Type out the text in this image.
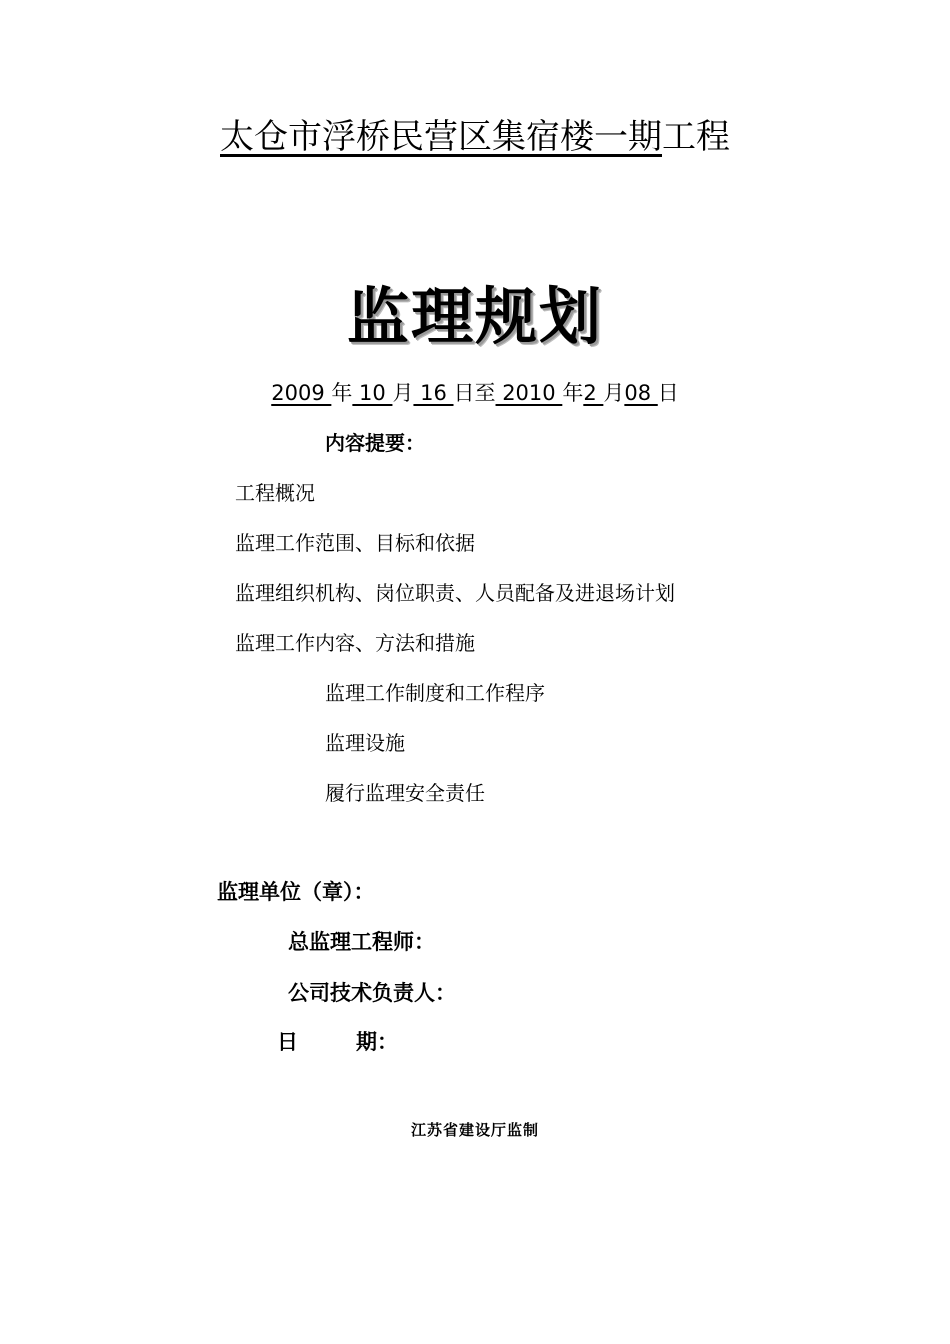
太仓市浮桥民营区集宿楼一期工程
监理规划
2009 年 10 月 16 日至 2010 年2 月08 日
内容提要：
工程概况
监理工作范围、目标和依据
监理组织机构、岗位职责、人员配备及进退场计划
监理工作内容、方法和措施
监理工作制度和工作程序
监理设施
履行监理安全责任
监理单位（章）：
总监理工程师：
公司技术负责人：
日	期：
江苏省建设厅监制
